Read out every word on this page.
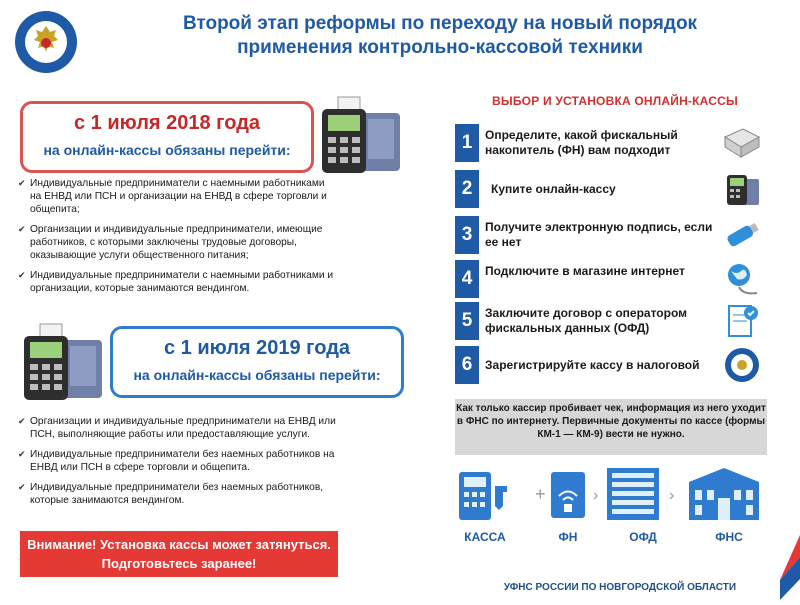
Второй этап реформы по переходу на новый порядок
применения контрольно-кассовой техники
с 1 июля 2018 года
на онлайн-кассы обязаны перейти:
✔ Индивидуальные предприниматели с наемными работниками на ЕНВД или ПСН и организации на ЕНВД в сфере торговли и общепита;
✔ Организации и индивидуальные предприниматели, имеющие работников, с которыми заключены трудовые договоры, оказывающие услуги общественного питания;
✔ Индивидуальные предприниматели с наемными работниками и организации, которые занимаются вендингом.
с 1 июля 2019 года
на онлайн-кассы обязаны перейти:
✔ Организации и индивидуальные предприниматели на ЕНВД или ПСН, выполняющие работы или предоставляющие услуги.
✔ Индивидуальные предприниматели без наемных работников на ЕНВД или ПСН в сфере торговли и общепита.
✔ Индивидуальные предприниматели без наемных работников, которые занимаются вендингом.
Внимание! Установка кассы может затянуться.
Подготовьтесь заранее!
ВЫБОР И УСТАНОВКА ОНЛАЙН-КАССЫ
1	Определите, какой фискальный накопитель (ФН) вам подходит
2	Купите онлайн-кассу
3	Получите электронную подпись, если ее нет
4	Подключите в магазине интернет
5	Заключите договор с оператором фискальных данных (ОФД)
6	Зарегистрируйте кассу в налоговой
Как только кассир пробивает чек, информация из него уходит в ФНС по интернету. Первичные документы по кассе (формы КМ-1 — КМ-9) вести не нужно.
+	›	›
КАССА	ФН	ОФД	ФНС
УФНС РОССИИ ПО НОВГОРОДСКОЙ ОБЛАСТИ
